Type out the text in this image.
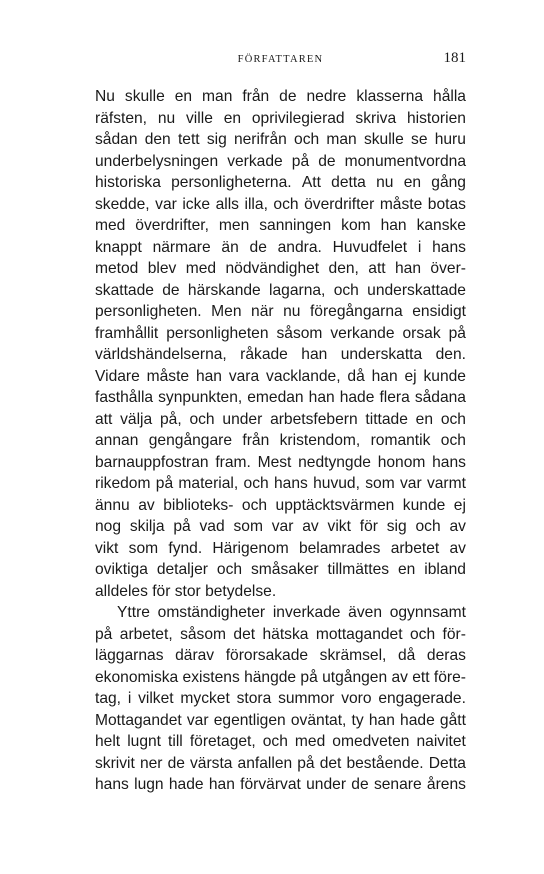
FÖRFATTAREN	181
Nu skulle en man från de nedre klasserna hålla
räfsten, nu ville en oprivilegierad skriva historien
sådan den tett sig nerifrån och man skulle se huru
underbelysningen verkade på de monumentvordna
historiska personligheterna. Att detta nu en gång
skedde, var icke alls illa, och överdrifter måste botas
med överdrifter, men sanningen kom han kanske
knappt närmare än de andra. Huvudfelet i hans
metod blev med nödvändighet den, att han över-
skattade de härskande lagarna, och underskattade
personligheten. Men när nu föregångarna ensidigt
framhållit personligheten såsom verkande orsak på
världshändelserna, råkade han underskatta den.
Vidare måste han vara vacklande, då han ej kunde
fasthålla synpunkten, emedan han hade flera sådana
att välja på, och under arbetsfebern tittade en och
annan gengångare från kristendom, romantik och
barnauppfostran fram. Mest nedtyngde honom hans
rikedom på material, och hans huvud, som var varmt
ännu av biblioteks- och upptäcktsvärmen kunde ej
nog skilja på vad som var av vikt för sig och av
vikt som fynd. Härigenom belamrades arbetet av
oviktiga detaljer och småsaker tillmättes en ibland
alldeles för stor betydelse.
Yttre omständigheter inverkade även ogynnsamt
på arbetet, såsom det hätska mottagandet och för-
läggarnas därav förorsakade skrämsel, då deras
ekonomiska existens hängde på utgången av ett före-
tag, i vilket mycket stora summor voro engagerade.
Mottagandet var egentligen oväntat, ty han hade gått
helt lugnt till företaget, och med omedveten naivitet
skrivit ner de värsta anfallen på det bestående. Detta
hans lugn hade han förvärvat under de senare årens
